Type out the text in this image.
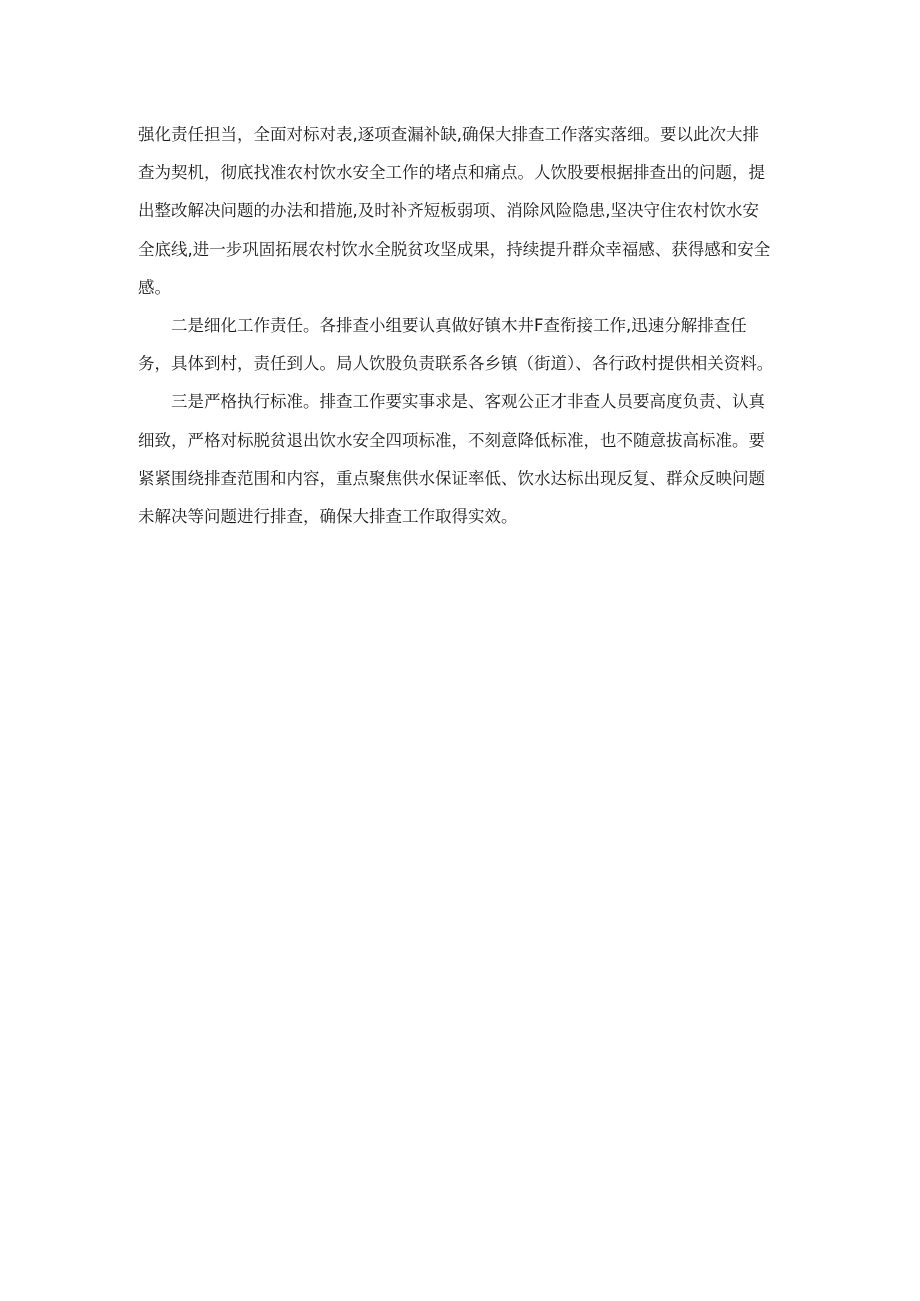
强化责任担当，全面对标对表,逐项查漏补缺,确保大排查工作落实落细。要以此次大排

查为契机，彻底找准农村饮水安全工作的堵点和痛点。人饮股要根据排查出的问题，提

出整改解决问题的办法和措施,及时补齐短板弱项、消除风险隐患,坚决守住农村饮水安

全底线,进一步巩固拓展农村饮水全脱贫攻坚成果，持续提升群众幸福感、获得感和安全

感。

二是细化工作责任。各排查小组要认真做好镇木井F查衔接工作,迅速分解排查任

务，具体到村，责任到人。局人饮股负责联系各乡镇（街道）、各行政村提供相关资料。

三是严格执行标准。排查工作要实事求是、客观公正才非查人员要高度负责、认真

细致，严格对标脱贫退出饮水安全四项标准，不刻意降低标准，也不随意拔高标准。要

紧紧围绕排查范围和内容，重点聚焦供水保证率低、饮水达标出现反复、群众反映问题

未解决等问题进行排查，确保大排查工作取得实效。
